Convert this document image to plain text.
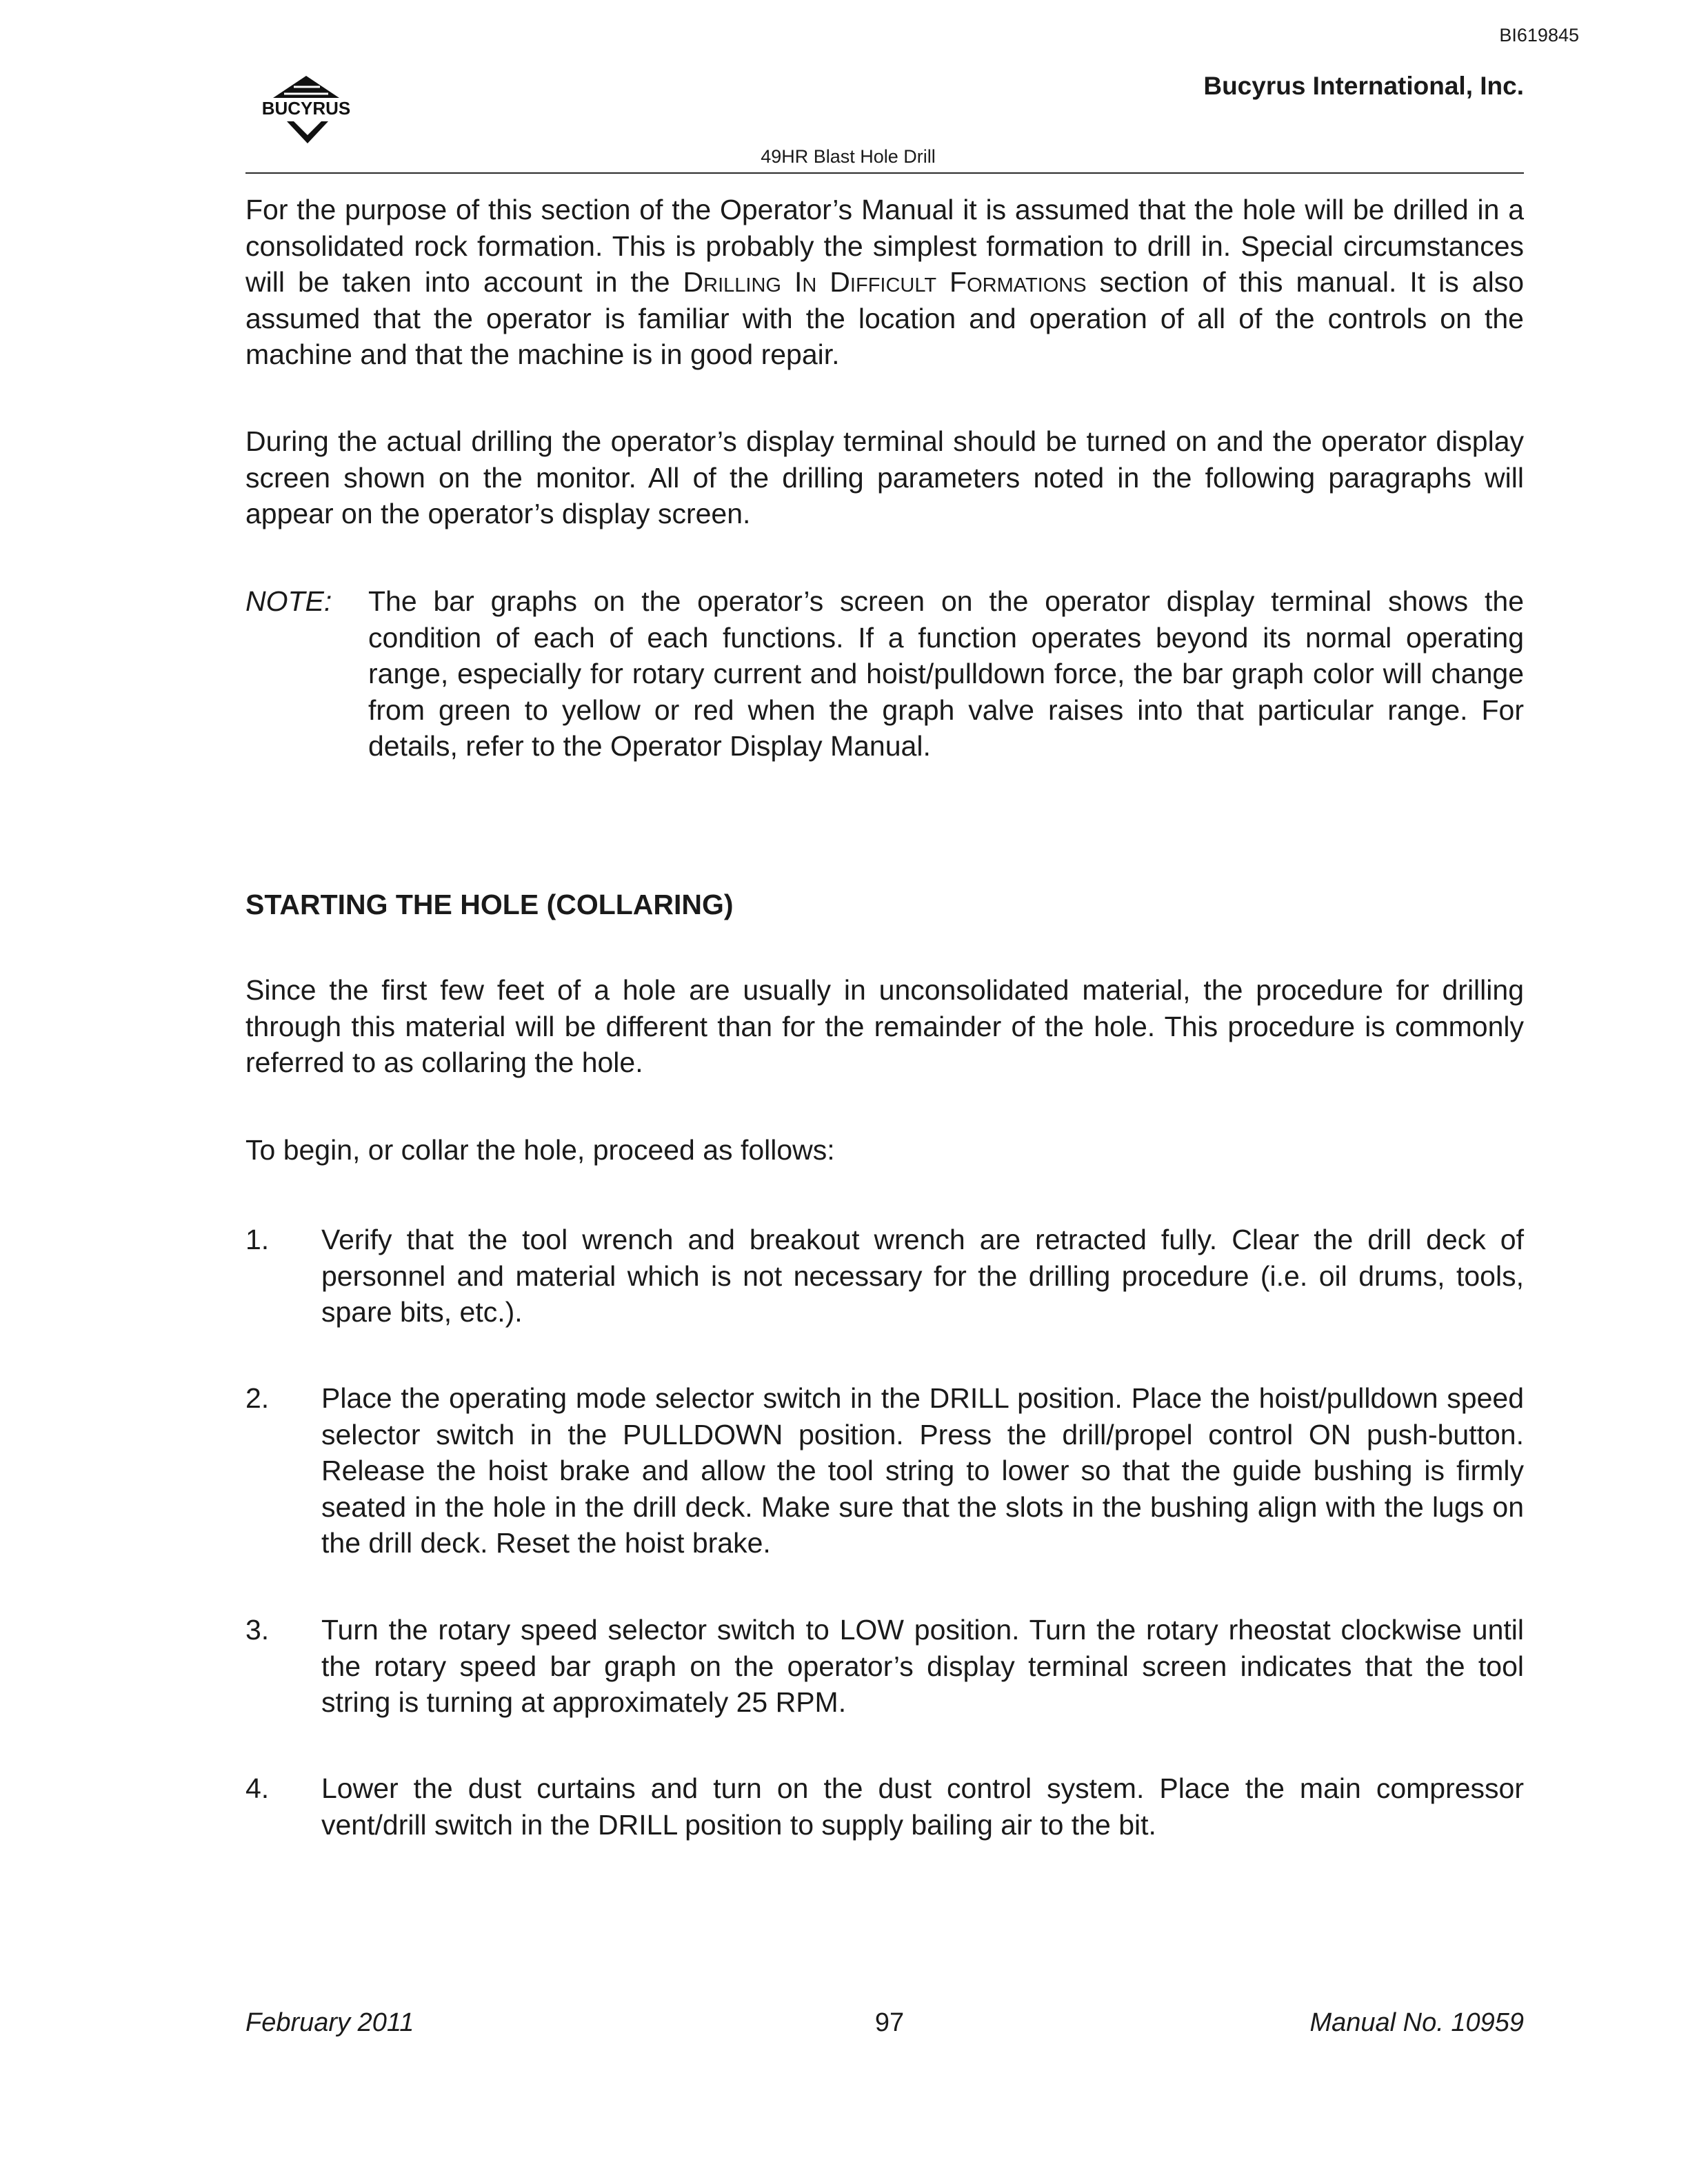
BI619845
Bucyrus International, Inc.
BUCYRUS
49HR Blast Hole Drill

For the purpose of this section of the Operator’s Manual it is assumed that the hole will be drilled in a consolidated rock formation. This is probably the simplest formation to drill in. Special circumstances will be taken into account in the Drilling In Difficult Formations section of this manual. It is also assumed that the operator is familiar with the location and operation of all of the controls on the machine and that the machine is in good repair.

During the actual drilling the operator’s display terminal should be turned on and the operator display screen shown on the monitor. All of the drilling parameters noted in the following paragraphs will appear on the operator’s display screen.

NOTE: The bar graphs on the operator’s screen on the operator display terminal shows the condition of each of each functions. If a function operates beyond its normal operating range, especially for rotary current and hoist/pulldown force, the bar graph color will change from green to yellow or red when the graph valve raises into that particular range. For details, refer to the Operator Display Manual.
STARTING THE HOLE (COLLARING)

Since the first few feet of a hole are usually in unconsolidated material, the procedure for drilling through this material will be different than for the remainder of the hole. This procedure is commonly referred to as collaring the hole.

To begin, or collar the hole, proceed as follows:

1. Verify that the tool wrench and breakout wrench are retracted fully. Clear the drill deck of personnel and material which is not necessary for the drilling procedure (i.e. oil drums, tools, spare bits, etc.).
2. Place the operating mode selector switch in the DRILL position. Place the hoist/pulldown speed selector switch in the PULLDOWN position. Press the drill/propel control ON push-button. Release the hoist brake and allow the tool string to lower so that the guide bushing is firmly seated in the hole in the drill deck. Make sure that the slots in the bushing align with the lugs on the drill deck. Reset the hoist brake.
3. Turn the rotary speed selector switch to LOW position. Turn the rotary rheostat clockwise until the rotary speed bar graph on the operator’s display terminal screen indicates that the tool string is turning at approximately 25 RPM.
4. Lower the dust curtains and turn on the dust control system. Place the main compressor vent/drill switch in the DRILL position to supply bailing air to the bit.
February 2011	97	Manual No. 10959
